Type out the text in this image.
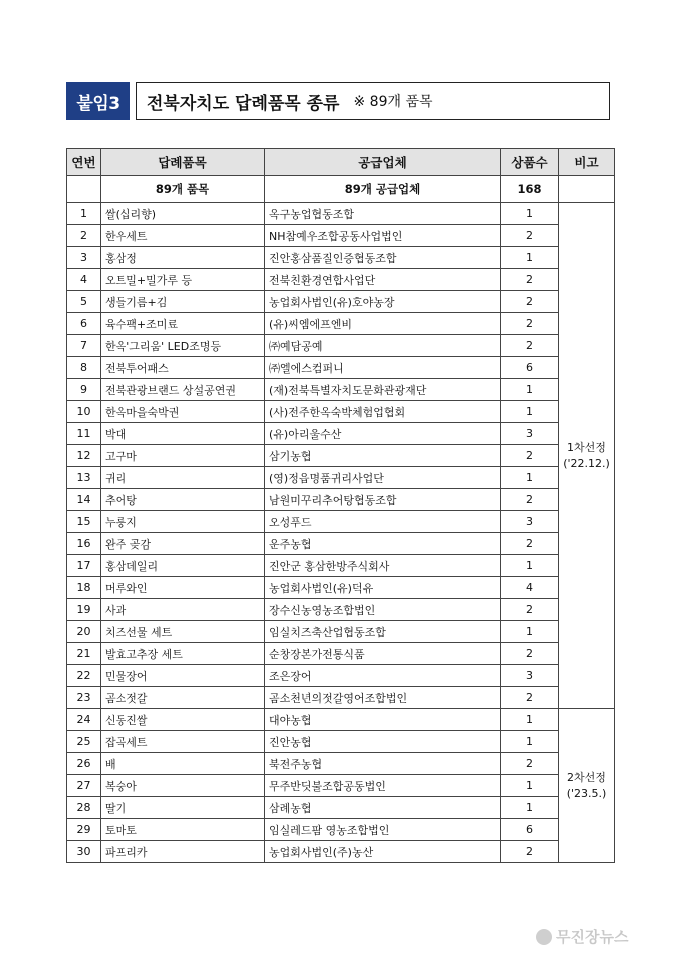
붙임3	전북자치도 답례품목 종류 ※ 89개 품목
연번	답례품목	공급업체	상품수	비고
	89개 품목	89개 공급업체	168	
1	쌀(십리향)	옥구농업협동조합	1	1차선정
('22.12.)

2	한우세트	NH참예우조합공동사업법인	2	
3	홍삼정	진안홍삼품질인증협동조합	1	
4	오트밀+밀가루 등	전북친환경연합사업단	2	
5	생들기름+김	농업회사법인(유)호야농장	2	
6	육수팩+조미료	(유)씨엠에프엔비	2	
7	한옥'그리움' LED조명등	㈜예담공예	2	
8	전북투어패스	㈜엘에스컴퍼니	6	
9	전북관광브랜드 상설공연권	(재)전북특별자치도문화관광재단	1	
10	한옥마을숙박권	(사)전주한옥숙박체험업협회	1	
11	박대	(유)아리울수산	3	
12	고구마	삼기농협	2	
13	귀리	(영)정읍명품귀리사업단	1	
14	추어탕	남원미꾸리추어탕협동조합	2	
15	누룽지	오성푸드	3	
16	완주 곶감	운주농협	2	
17	홍삼데일리	진안군 홍삼한방주식회사	1	
18	머루와인	농업회사법인(유)덕유	4	
19	사과	장수신농영농조합법인	2	
20	치즈선물 세트	임실치즈축산업협동조합	1	
21	발효고추장 세트	순창장본가전통식품	2	
22	민물장어	조은장어	3	
23	곰소젓갈	곰소천년의젓갈영어조합법인	2	
24	신동진쌀	대야농협	1	2차선정
('23.5.)

25	잡곡세트	진안농협	1	
26	배	북전주농협	2	
27	복숭아	무주반딧불조합공동법인	1	
28	딸기	삼례농협	1	
29	토마토	임실레드팜 영농조합법인	6	
30	파프리카	농업회사법인(주)농산	2	
무진장뉴스
